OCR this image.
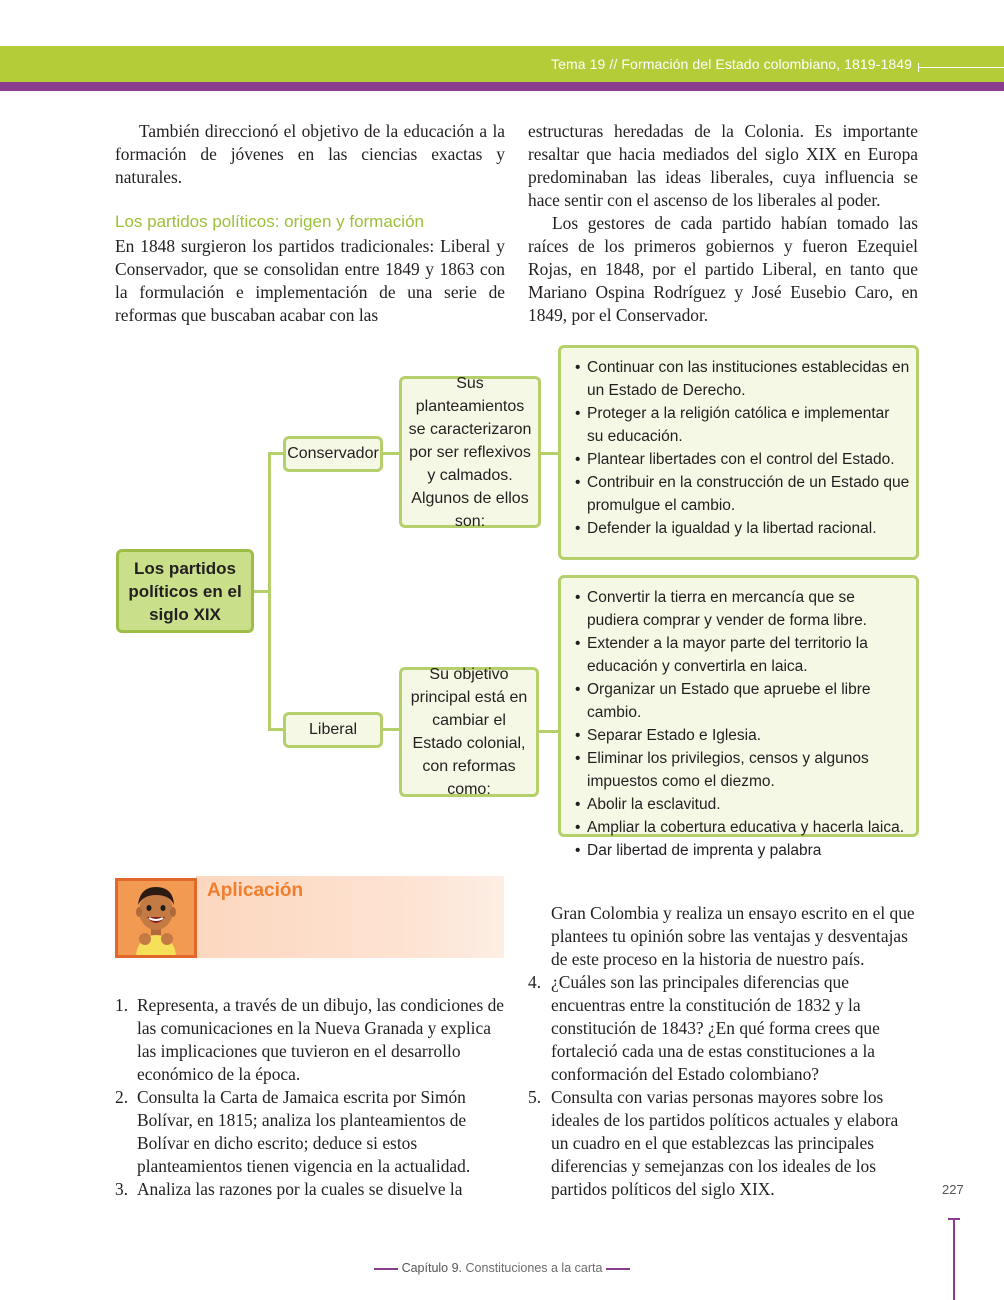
Tema 19 // Formación del Estado colombiano, 1819-1849

También direccionó el objetivo de la educación a la formación de jóvenes en las ciencias exactas y naturales.

Los partidos políticos: origen y formación

En 1848 surgieron los partidos tradicionales: Liberal y Conservador, que se consolidan entre 1849 y 1863 con la formulación e implementación de una serie de reformas que buscaban acabar con las

estructuras heredadas de la Colonia. Es importante resaltar que hacia mediados del siglo XIX en Europa predominaban las ideas liberales, cuya influencia se hace sentir con el ascenso de los liberales al poder.

Los gestores de cada partido habían tomado las raíces de los primeros gobiernos y fueron Ezequiel Rojas, en 1848, por el partido Liberal, en tanto que Mariano Ospina Rodríguez y José Eusebio Caro, en 1849, por el Conservador.

Los partidos políticos en el siglo XIX
Conservador
Liberal
Sus planteamientos se caracterizaron por ser reflexivos y calmados. Algunos de ellos son:
Su objetivo principal está en cambiar el Estado colonial, con reformas como:
• Continuar con las instituciones establecidas en un Estado de Derecho.
• Proteger a la religión católica e implementar su educación.
• Plantear libertades con el control del Estado.
• Contribuir en la construcción de un Estado que promulgue el cambio.
• Defender la igualdad y la libertad racional.
• Convertir la tierra en mercancía que se pudiera comprar y vender de forma libre.
• Extender a la mayor parte del territorio la educación y convertirla en laica.
• Organizar un Estado que apruebe el libre cambio.
• Separar Estado e Iglesia.
• Eliminar los privilegios, censos y algunos impuestos como el diezmo.
• Abolir la esclavitud.
• Ampliar la cobertura educativa y hacerla laica.
• Dar libertad de imprenta y palabra
Aplicación
1. Representa, a través de un dibujo, las condiciones de las comunicaciones en la Nueva Granada y explica las implicaciones que tuvieron en el desarrollo económico de la época.
2. Consulta la Carta de Jamaica escrita por Simón Bolívar, en 1815; analiza los planteamientos de Bolívar en dicho escrito; deduce si estos planteamientos tienen vigencia en la actualidad.
3. Analiza las razones por la cuales se disuelve la
Gran Colombia y realiza un ensayo escrito en el que plantees tu opinión sobre las ventajas y desventajas de este proceso en la historia de nuestro país.
4. ¿Cuáles son las principales diferencias que encuentras entre la constitución de 1832 y la constitución de 1843? ¿En qué forma crees que fortaleció cada una de estas constituciones a la conformación del Estado colombiano?
5. Consulta con varias personas mayores sobre los ideales de los partidos políticos actuales y elabora un cuadro en el que establezcas las principales diferencias y semejanzas con los ideales de los partidos políticos del siglo XIX.	227
Capítulo 9. Constituciones a la carta
